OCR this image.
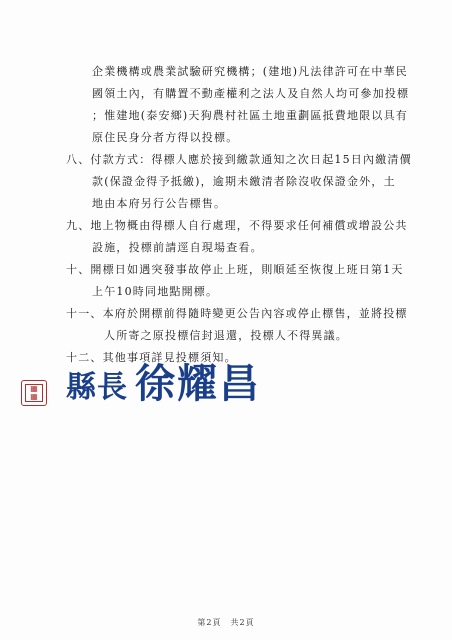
企業機構或農業試驗研究機構；(建地)凡法律許可在中華民
國領土內，有購置不動產權利之法人及自然人均可參加投標
；惟建地(泰安鄉)天狗農村社區土地重劃區抵費地限以具有
原住民身分者方得以投標。
八、付款方式：得標人應於接到繳款通知之次日起15日內繳清價
款(保證金得予抵繳)，逾期未繳清者除沒收保證金外，土
地由本府另行公告標售。
九、地上物概由得標人自行處理，不得要求任何補償或增設公共
設施，投標前請逕自現場查看。
十、開標日如遇突發事故停止上班，則順延至恢復上班日第1天
上午10時同地點開標。
十一、本府於開標前得隨時變更公告內容或停止標售，並將投標
人所寄之原投標信封退還，投標人不得異議。
十二、其他事項詳見投標須知。
▦
▦ 縣長 徐耀昌
第2頁　共2頁
